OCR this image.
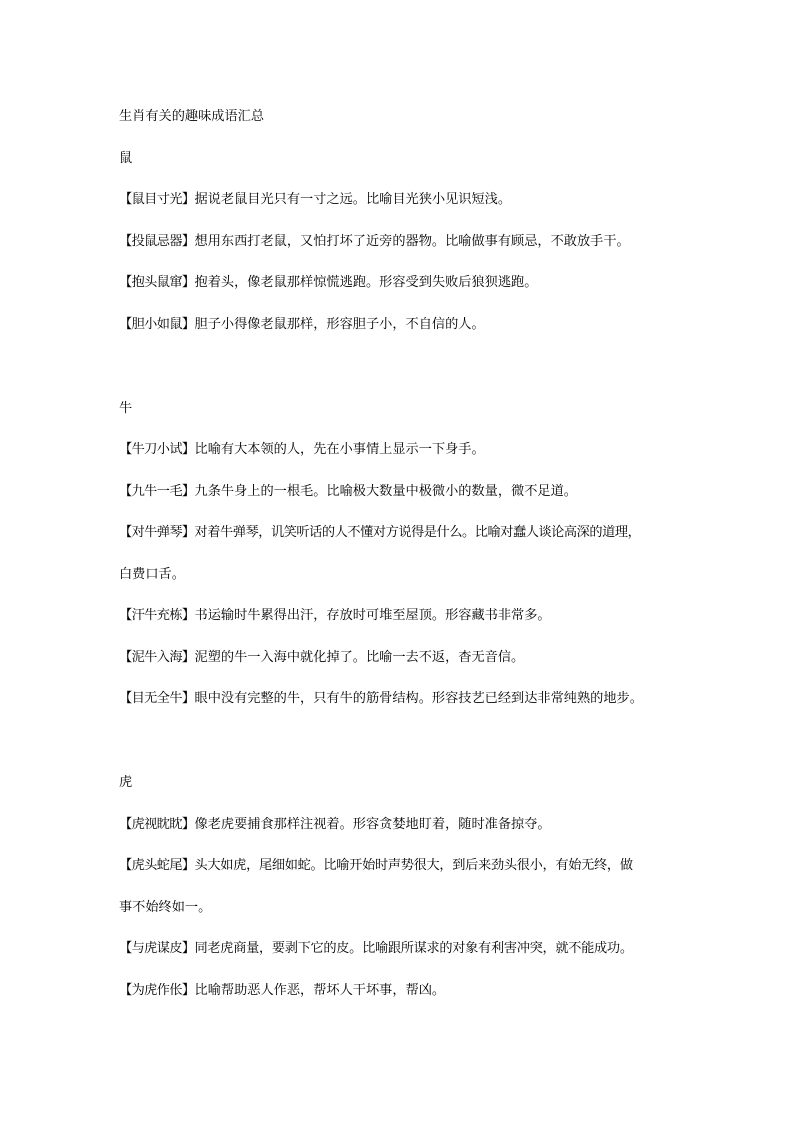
生肖有关的趣味成语汇总
鼠
【鼠目寸光】据说老鼠目光只有一寸之远。比喻目光狭小见识短浅。
【投鼠忌器】想用东西打老鼠，又怕打坏了近旁的器物。比喻做事有顾忌，不敢放手干。
【抱头鼠窜】抱着头，像老鼠那样惊慌逃跑。形容受到失败后狼狈逃跑。
【胆小如鼠】胆子小得像老鼠那样，形容胆子小，不自信的人。
牛
【牛刀小试】比喻有大本领的人，先在小事情上显示一下身手。
【九牛一毛】九条牛身上的一根毛。比喻极大数量中极微小的数量，微不足道。
【对牛弹琴】对着牛弹琴，讥笑听话的人不懂对方说得是什么。比喻对蠢人谈论高深的道理，
白费口舌。
【汗牛充栋】书运输时牛累得出汗，存放时可堆至屋顶。形容藏书非常多。
【泥牛入海】泥塑的牛一入海中就化掉了。比喻一去不返，杳无音信。
【目无全牛】眼中没有完整的牛，只有牛的筋骨结构。形容技艺已经到达非常纯熟的地步。
虎
【虎视眈眈】像老虎要捕食那样注视着。形容贪婪地盯着，随时准备掠夺。
【虎头蛇尾】头大如虎，尾细如蛇。比喻开始时声势很大，到后来劲头很小，有始无终，做
事不始终如一。
【与虎谋皮】同老虎商量，要剥下它的皮。比喻跟所谋求的对象有利害冲突，就不能成功。
【为虎作伥】比喻帮助恶人作恶，帮坏人干坏事，帮凶。
